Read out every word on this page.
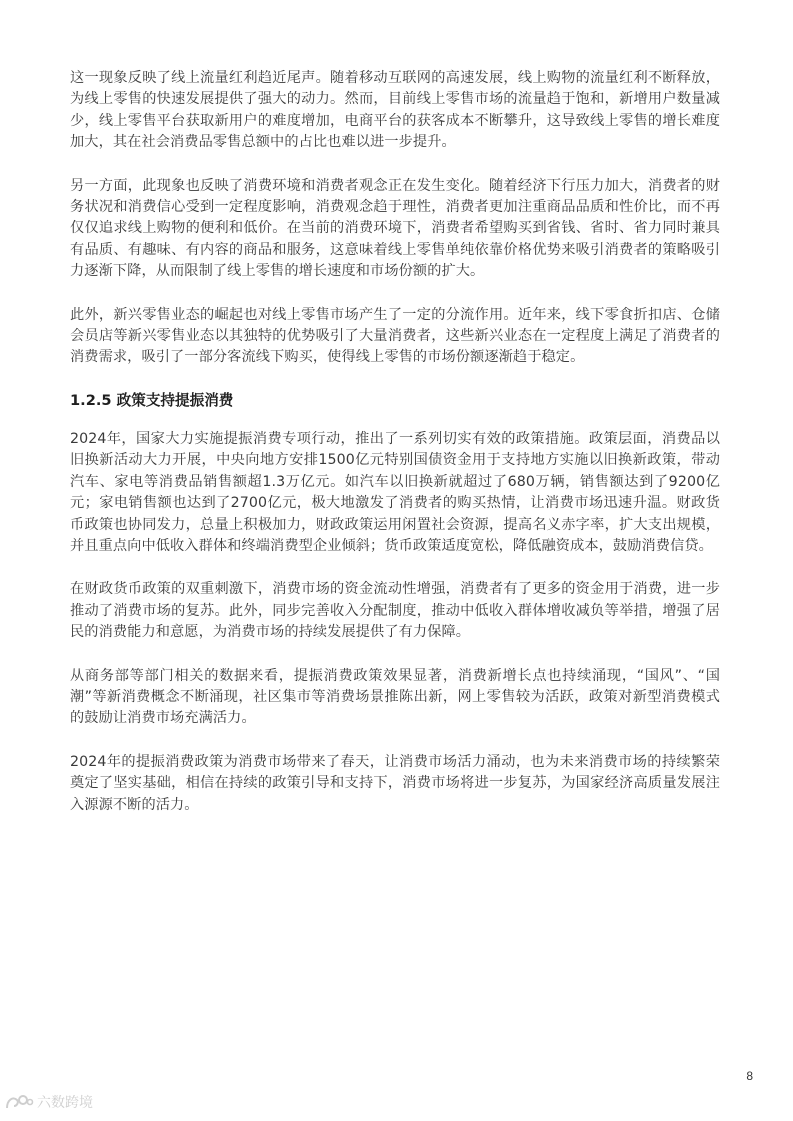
这一现象反映了线上流量红利趋近尾声。随着移动互联网的高速发展，线上购物的流量红利不断释放，为线上零售的快速发展提供了强大的动力。然而，目前线上零售市场的流量趋于饱和，新增用户数量减少，线上零售平台获取新用户的难度增加，电商平台的获客成本不断攀升，这导致线上零售的增长难度加大，其在社会消费品零售总额中的占比也难以进一步提升。

另一方面，此现象也反映了消费环境和消费者观念正在发生变化。随着经济下行压力加大，消费者的财务状况和消费信心受到一定程度影响，消费观念趋于理性，消费者更加注重商品品质和性价比，而不再仅仅追求线上购物的便利和低价。在当前的消费环境下，消费者希望购买到省钱、省时、省力同时兼具有品质、有趣味、有内容的商品和服务，这意味着线上零售单纯依靠价格优势来吸引消费者的策略吸引力逐渐下降，从而限制了线上零售的增长速度和市场份额的扩大。

此外，新兴零售业态的崛起也对线上零售市场产生了一定的分流作用。近年来，线下零食折扣店、仓储会员店等新兴零售业态以其独特的优势吸引了大量消费者，这些新兴业态在一定程度上满足了消费者的消费需求，吸引了一部分客流线下购买，使得线上零售的市场份额逐渐趋于稳定。

1.2.5 政策支持提振消费

2024年，国家大力实施提振消费专项行动，推出了一系列切实有效的政策措施。政策层面，消费品以旧换新活动大力开展，中央向地方安排1500亿元特别国债资金用于支持地方实施以旧换新政策，带动汽车、家电等消费品销售额超1.3万亿元。如汽车以旧换新就超过了680万辆，销售额达到了9200亿元；家电销售额也达到了2700亿元，极大地激发了消费者的购买热情，让消费市场迅速升温。财政货币政策也协同发力，总量上积极加力，财政政策运用闲置社会资源，提高名义赤字率，扩大支出规模，并且重点向中低收入群体和终端消费型企业倾斜；货币政策适度宽松，降低融资成本，鼓励消费信贷。

在财政货币政策的双重刺激下，消费市场的资金流动性增强，消费者有了更多的资金用于消费，进一步推动了消费市场的复苏。此外，同步完善收入分配制度，推动中低收入群体增收减负等举措，增强了居民的消费能力和意愿，为消费市场的持续发展提供了有力保障。

从商务部等部门相关的数据来看，提振消费政策效果显著，消费新增长点也持续涌现，“国风”、“国潮”等新消费概念不断涌现，社区集市等消费场景推陈出新，网上零售较为活跃，政策对新型消费模式的鼓励让消费市场充满活力。

2024年的提振消费政策为消费市场带来了春天，让消费市场活力涌动，也为未来消费市场的持续繁荣奠定了坚实基础，相信在持续的政策引导和支持下，消费市场将进一步复苏，为国家经济高质量发展注入源源不断的活力。

8
六数跨境
